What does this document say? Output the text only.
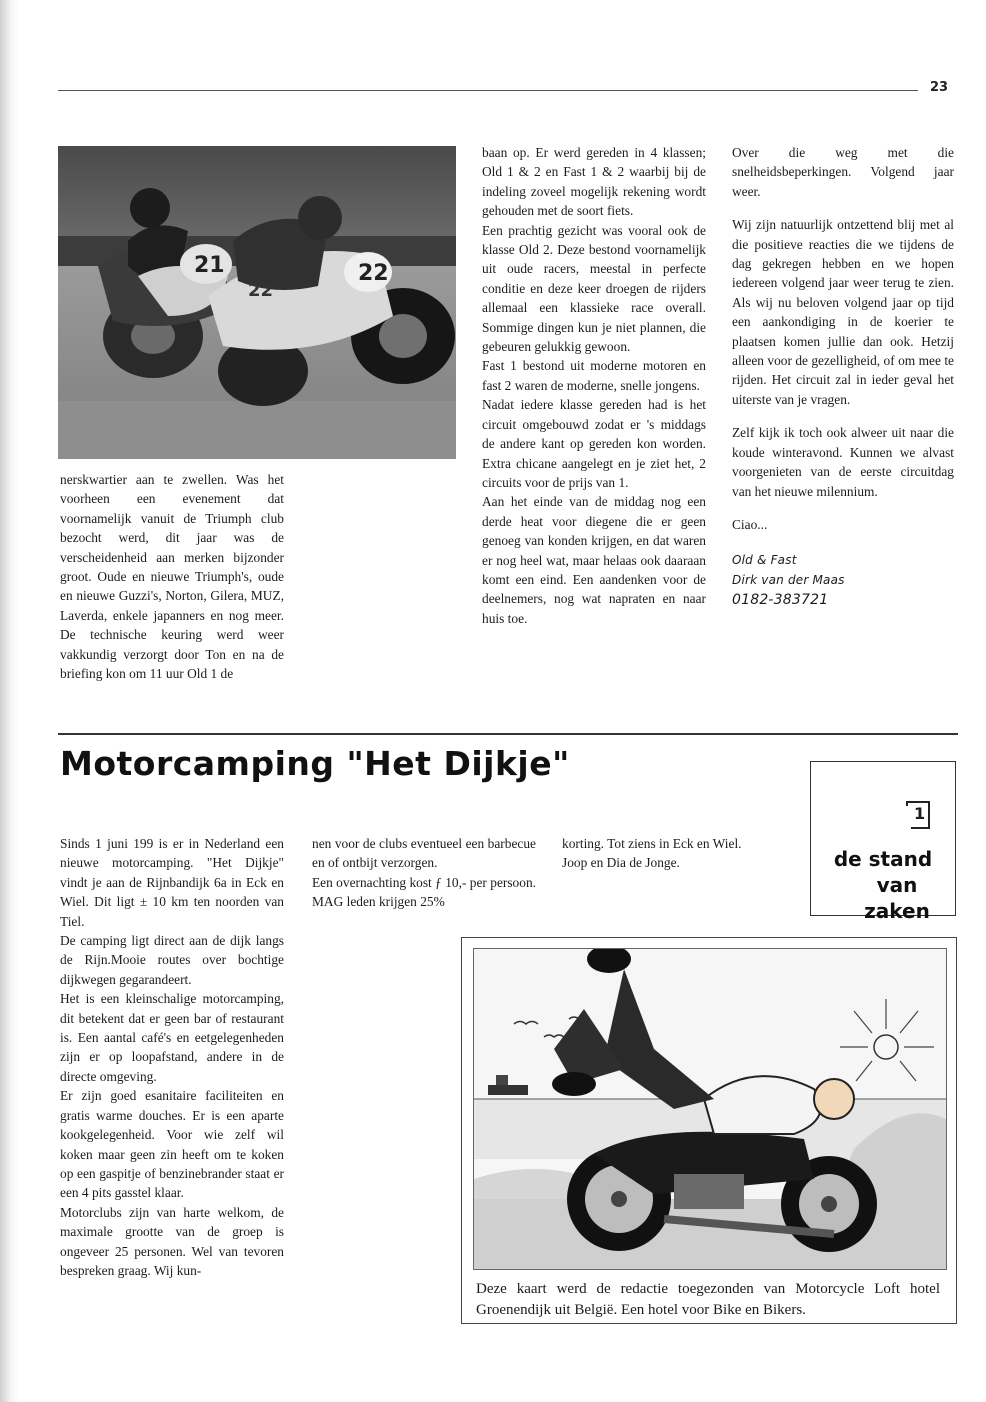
23
21	22
22

nerskwartier aan te zwellen. Was het voorheen een evenement dat voornamelijk vanuit de Triumph club bezocht werd, dit jaar was de verscheidenheid aan merken bijzonder groot. Oude en nieuwe Triumph's, oude en nieuwe Guzzi's, Norton, Gilera, MUZ, Laverda, enkele japanners en nog meer. De technische keuring werd weer vakkundig verzorgt door Ton en na de briefing kon om 11 uur Old 1 de

baan op. Er werd gereden in 4 klassen; Old 1 & 2 en Fast 1 & 2 waarbij bij de indeling zoveel mogelijk rekening wordt gehouden met de soort fiets.

Een prachtig gezicht was vooral ook de klasse Old 2. Deze bestond voornamelijk uit oude racers, meestal in perfecte conditie en deze keer droegen de rijders allemaal een klassieke race overall. Sommige dingen kun je niet plannen, die gebeuren gelukkig gewoon.

Fast 1 bestond uit moderne motoren en fast 2 waren de moderne, snelle jongens.

Nadat iedere klasse gereden had is het circuit omgebouwd zodat er 's middags de andere kant op gereden kon worden. Extra chicane aangelegt en je ziet het, 2 circuits voor de prijs van 1.

Aan het einde van de middag nog een derde heat voor diegene die er geen genoeg van konden krijgen, en dat waren er nog heel wat, maar helaas ook daaraan komt een eind. Een aandenken voor de deelnemers, nog wat napraten en naar huis toe.

Over die weg met die snelheidsbeperkingen. Volgend jaar weer.

Wij zijn natuurlijk ontzettend blij met al die positieve reacties die we tijdens de dag gekregen hebben en we hopen iedereen volgend jaar weer terug te zien. Als wij nu beloven volgend jaar op tijd een aankondiging in de koerier te plaatsen komen jullie dan ook. Hetzij alleen voor de gezelligheid, of om mee te rijden. Het circuit zal in ieder geval het uiterste van je vragen.

Zelf kijk ik toch ook alweer uit naar die koude winteravond. Kunnen we alvast voorgenieten van de eerste circuitdag van het nieuwe milennium.

Ciao...

Old & Fast
Dirk van der Maas
0182-383721
Motorcamping "Het Dijkje"
1
de stand
van zaken

Sinds 1 juni 199 is er in Nederland een nieuwe motorcamping. "Het Dijkje" vindt je aan de Rijnbandijk 6a in Eck en Wiel. Dit ligt ± 10 km ten noorden van Tiel.

De camping ligt direct aan de dijk langs de Rijn.Mooie routes over bochtige dijkwegen gegarandeert.

Het is een kleinschalige motorcamping, dit betekent dat er geen bar of restaurant is. Een aantal café's en eetgelegenheden zijn er op loopafstand, andere in de directe omgeving.

Er zijn goed esanitaire faciliteiten en gratis warme douches. Er is een aparte kookgelegenheid. Voor wie zelf wil koken maar geen zin heeft om te koken op een gaspitje of benzinebrander staat er een 4 pits gasstel klaar.

Motorclubs zijn van harte welkom, de maximale grootte van de groep is ongeveer 25 personen. Wel van tevoren bespreken graag. Wij kun-

nen voor de clubs eventueel een barbecue en of ontbijt verzorgen.

Een overnachting kost ƒ 10,- per persoon. MAG leden krijgen 25%

korting. Tot ziens in Eck en Wiel.

Joop en Dia de Jonge.

Deze kaart werd de redactie toegezonden van Motorcycle Loft hotel Groenendijk uit België. Een hotel voor Bike en Bikers.
